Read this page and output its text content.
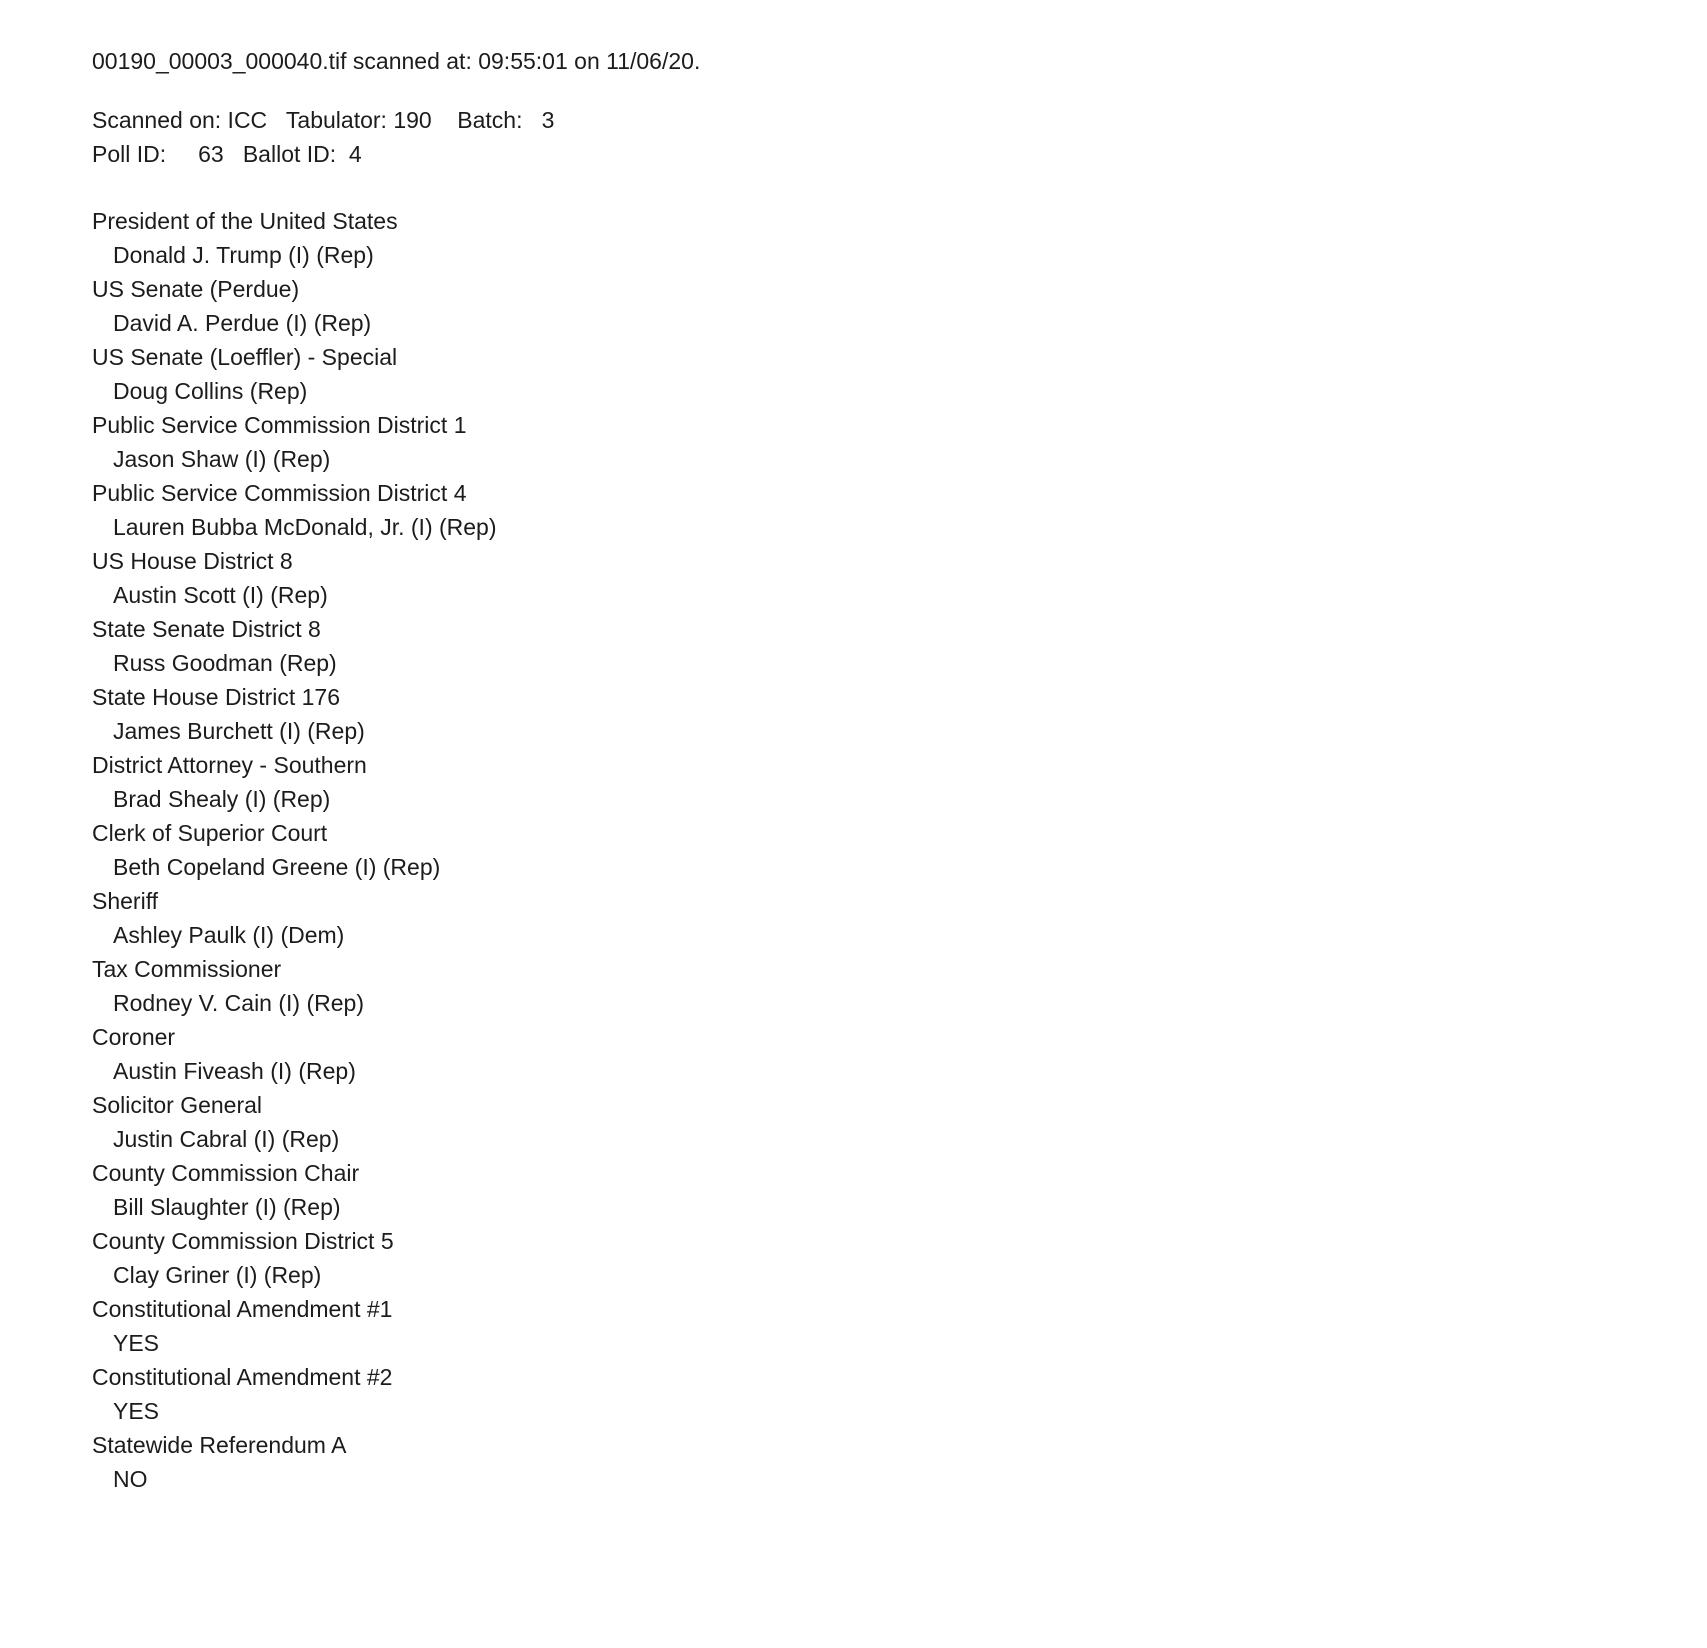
00190_00003_000040.tif scanned at: 09:55:01 on 11/06/20.
Scanned on: ICC   Tabulator: 190    Batch:   3
Poll ID:     63   Ballot ID:  4
President of the United States
Donald J. Trump (I) (Rep)
US Senate (Perdue)
David A. Perdue (I) (Rep)
US Senate (Loeffler) - Special
Doug Collins (Rep)
Public Service Commission District 1
Jason Shaw (I) (Rep)
Public Service Commission District 4
Lauren Bubba McDonald, Jr. (I) (Rep)
US House District 8
Austin Scott (I) (Rep)
State Senate District 8
Russ Goodman (Rep)
State House District 176
James Burchett (I) (Rep)
District Attorney - Southern
Brad Shealy (I) (Rep)
Clerk of Superior Court
Beth Copeland Greene (I) (Rep)
Sheriff
Ashley Paulk (I) (Dem)
Tax Commissioner
Rodney V. Cain (I) (Rep)
Coroner
Austin Fiveash (I) (Rep)
Solicitor General
Justin Cabral (I) (Rep)
County Commission Chair
Bill Slaughter (I) (Rep)
County Commission District 5
Clay Griner (I) (Rep)
Constitutional Amendment #1
YES
Constitutional Amendment #2
YES
Statewide Referendum A
NO
